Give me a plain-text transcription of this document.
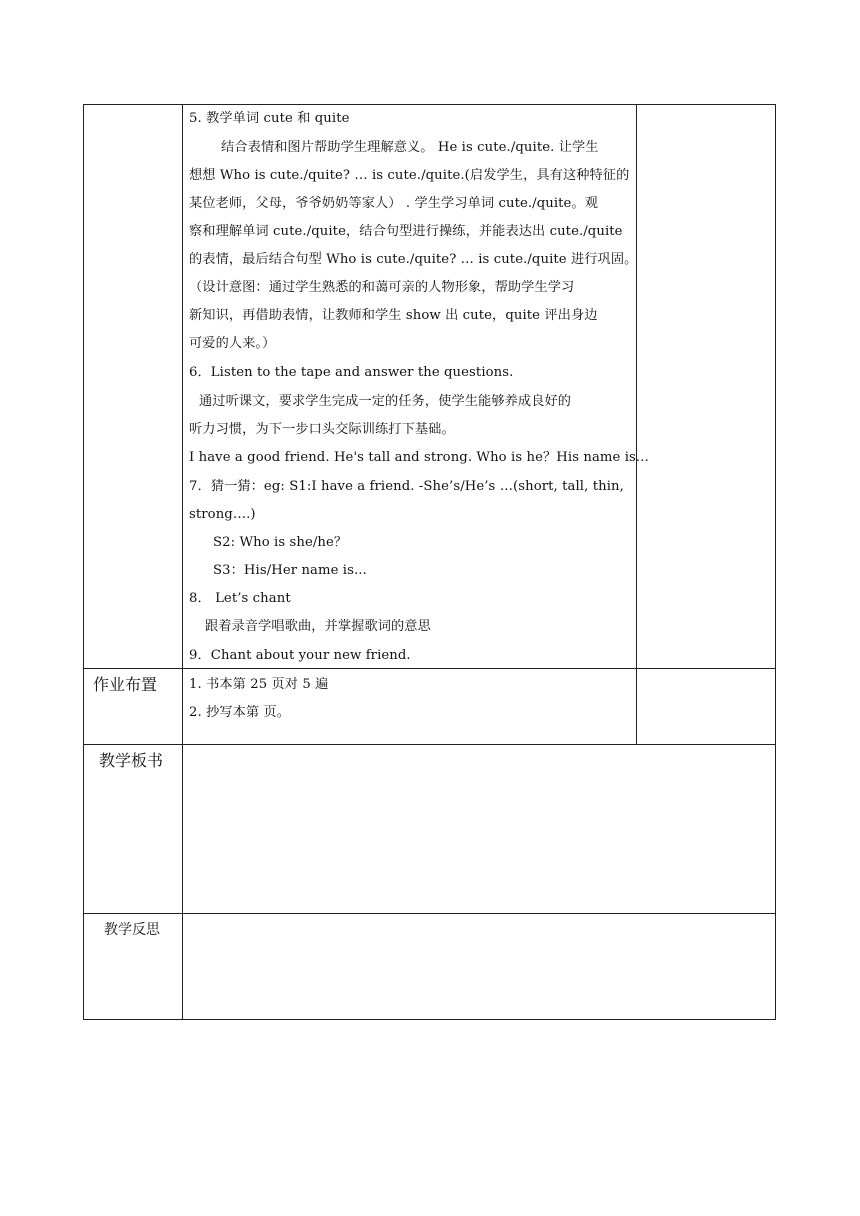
5. 教学单词 cute 和 quite
结合表情和图片帮助学生理解意义。 He is cute./quite. 让学生
想想 Who is cute./quite? … is cute./quite.(启发学生，具有这种特征的
某位老师，父母，爷爷奶奶等家人） . 学生学习单词 cute./quite。观
察和理解单词 cute./quite，结合句型进行操练，并能表达出 cute./quite
的表情，最后结合句型 Who is cute./quite? … is cute./quite 进行巩固。
（设计意图：通过学生熟悉的和蔼可亲的人物形象，帮助学生学习
新知识，再借助表情，让教师和学生 show 出 cute，quite 评出身边
可爱的人来。）
6．Listen to the tape and answer the questions.
通过听课文，要求学生完成一定的任务，使学生能够养成良好的
听力习惯，为下一步口头交际训练打下基础。
I have a good friend. He's tall and strong. Who is he？His name is...
7．猜一猜：eg: S1:I have a friend. -She’s/He’s …(short, tall, thin,
strong….)
S2: Who is she/he？
S3：His/Her name is...
8． Let’s chant
跟着录音学唱歌曲，并掌握歌词的意思
9．Chant about your new friend.
作业布置 1. 书本第 25 页对 5 遍
2. 抄写本第 页。
教学板书
教学反思
